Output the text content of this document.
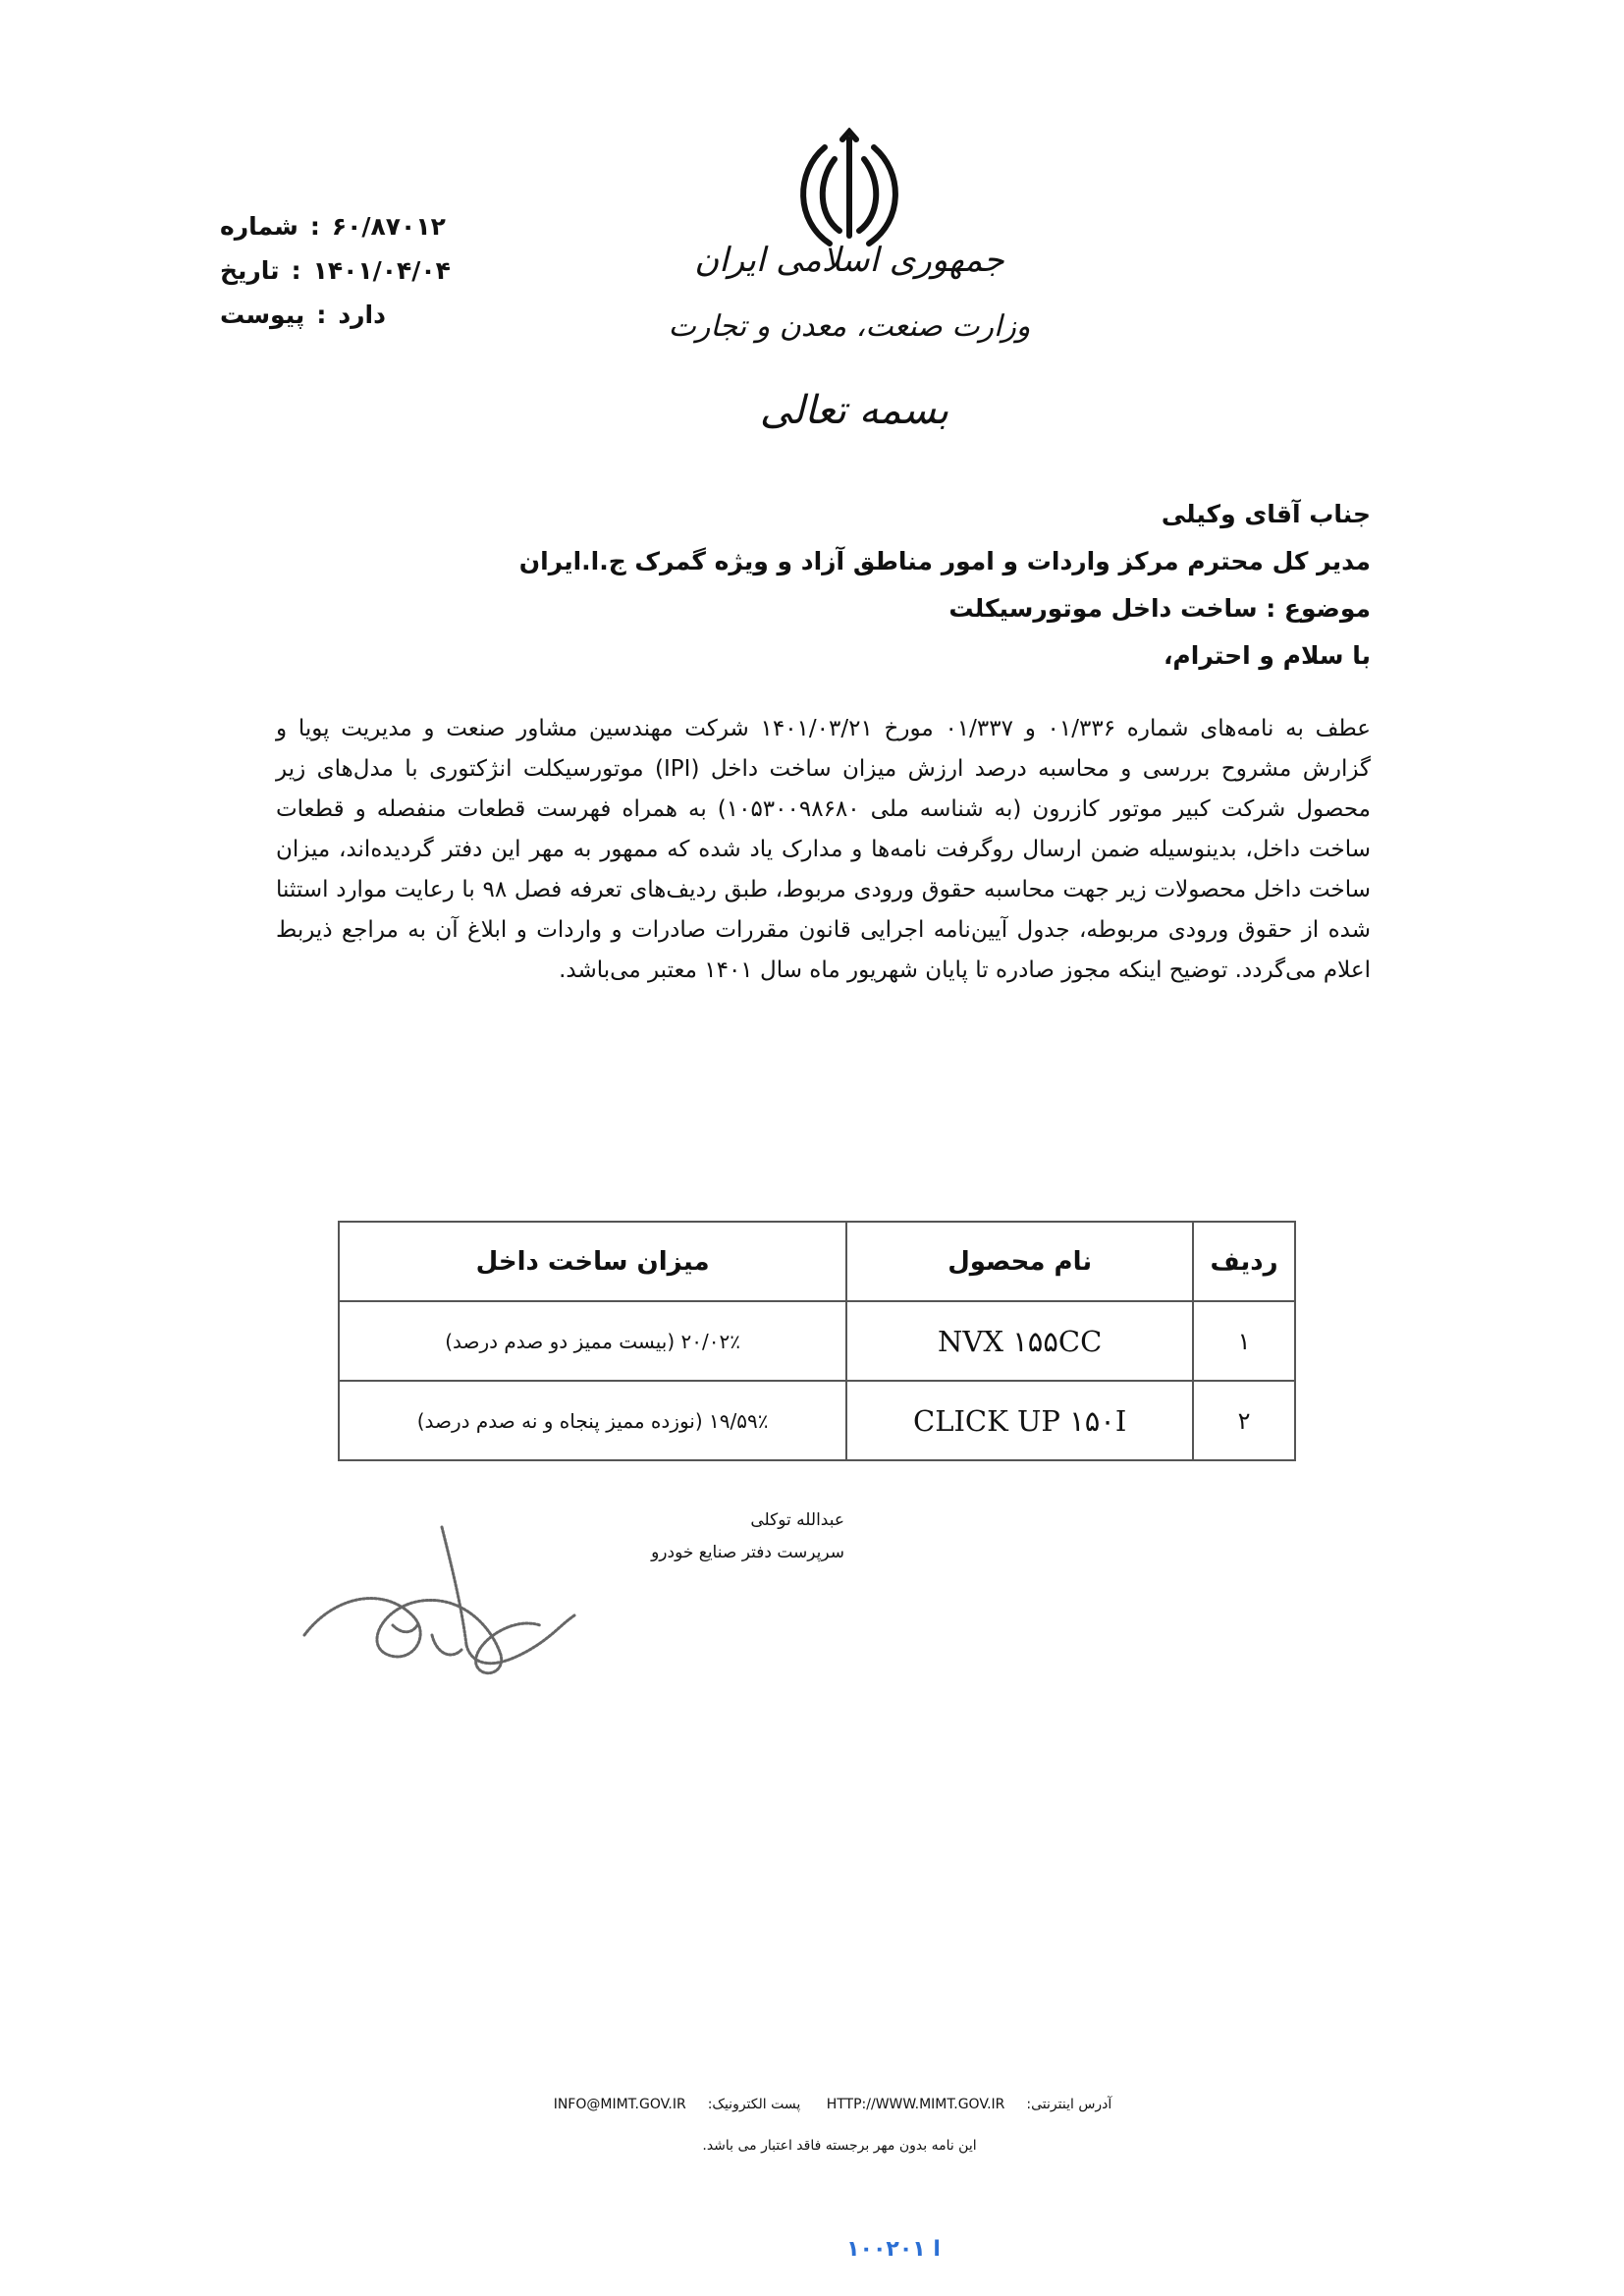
جمهوری اسلامی ایران
وزارت صنعت، معدن و تجارت
بسمه تعالی
شماره : ۶۰/۸۷۰۱۲
تاریخ : ۱۴۰۱/۰۴/۰۴
پیوست : دارد
جناب آقای وکیلی
مدیر کل محترم مرکز واردات و امور مناطق آزاد و ویژه گمرک ج.ا.ایران
موضوع : ساخت داخل موتورسیکلت
با سلام و احترام،
عطف به نامه‌های شماره ۰۱/۳۳۶ و ۰۱/۳۳۷ مورخ ۱۴۰۱/۰۳/۲۱ شرکت مهندسین مشاور صنعت و مدیریت پویا و گزارش مشروح بررسی و محاسبه درصد ارزش میزان ساخت داخل (IPI) موتورسیکلت انژکتوری با مدل‌های زیر محصول شرکت کبیر موتور کازرون (به شناسه ملی ۱۰۵۳۰۰۹۸۶۸۰) به همراه فهرست قطعات منفصله و قطعات ساخت داخل، بدینوسیله ضمن ارسال روگرفت نامه‌ها و مدارک یاد شده که ممهور به مهر این دفتر گردیده‌اند، میزان ساخت داخل محصولات زیر جهت محاسبه حقوق ورودی مربوط، طبق ردیف‌های تعرفه فصل ۹۸ با رعایت موارد استثنا شده از حقوق ورودی مربوطه، جدول آیین‌نامه اجرایی قانون مقررات صادرات و واردات و ابلاغ آن به مراجع ذیربط اعلام می‌گردد. توضیح اینکه مجوز صادره تا پایان شهریور ماه سال ۱۴۰۱ معتبر می‌باشد.
ردیف	نام محصول	میزان ساخت داخل
۱	NVX ۱۵۵CC	۲۰/۰۲٪ (بیست ممیز دو صدم درصد)
۲	CLICK UP ۱۵۰I	۱۹/۵۹٪ (نوزده ممیز پنجاه و نه صدم درصد)
عبدالله توکلی
سرپرست دفتر صنایع خودرو
آدرس اینترنتی:HTTP://WWW.MIMT.GOV.IR پست الکترونیک:INFO@MIMT.GOV.IR
این نامه بدون مهر برجسته فاقد اعتبار می باشد.
۱۰۰۲۰۱ ا
